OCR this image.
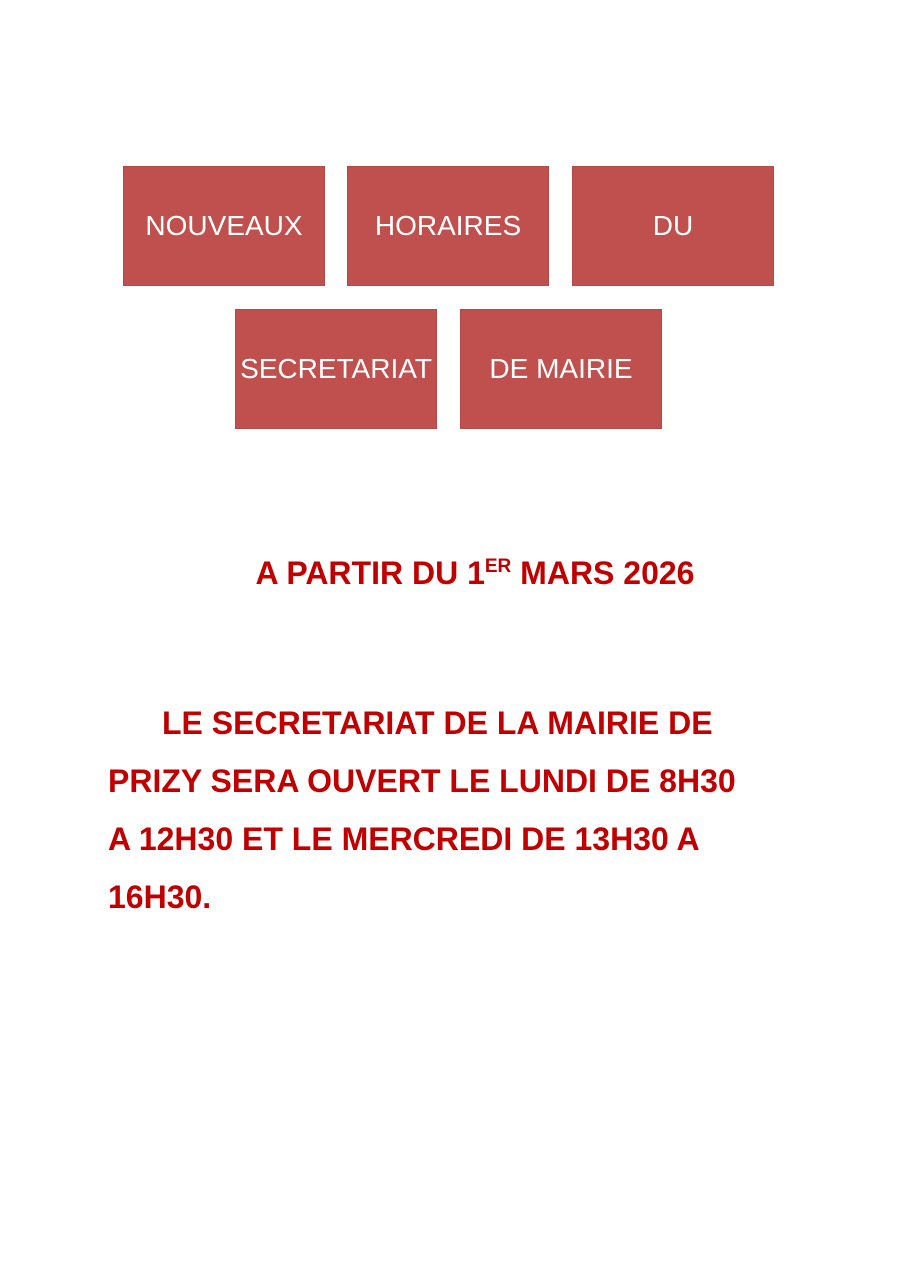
NOUVEAUX	HORAIRES	DU
SECRETARIAT DE MAIRIE
A PARTIR DU 1ER MARS 2026

LE SECRETARIAT DE LA MAIRIE DE
PRIZY SERA OUVERT LE LUNDI DE 8H30
A 12H30 ET LE MERCREDI DE 13H30 A
16H30.
